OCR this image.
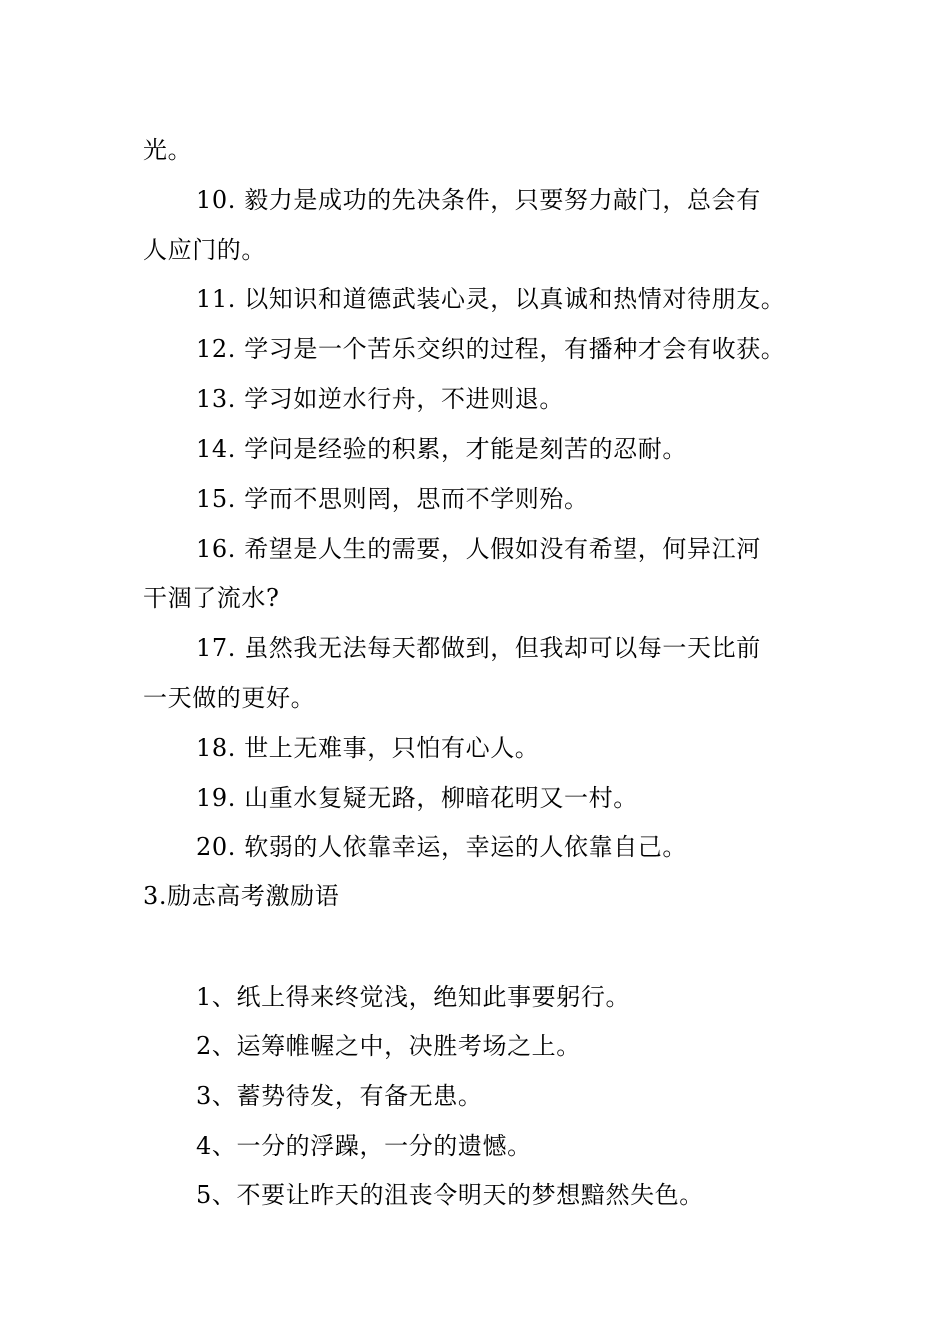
光。
10. 毅力是成功的先决条件，只要努力敲门，总会有
人应门的。
11. 以知识和道德武装心灵，以真诚和热情对待朋友。
12. 学习是一个苦乐交织的过程，有播种才会有收获。
13. 学习如逆水行舟，不进则退。
14. 学问是经验的积累，才能是刻苦的忍耐。
15. 学而不思则罔，思而不学则殆。
16. 希望是人生的需要，人假如没有希望，何异江河
干涸了流水?
17. 虽然我无法每天都做到，但我却可以每一天比前
一天做的更好。
18. 世上无难事，只怕有心人。
19. 山重水复疑无路，柳暗花明又一村。
20. 软弱的人依靠幸运，幸运的人依靠自己。
3.励志高考激励语
1、纸上得来终觉浅，绝知此事要躬行。
2、运筹帷幄之中，决胜考场之上。
3、蓄势待发，有备无患。
4、一分的浮躁，一分的遗憾。
5、不要让昨天的沮丧令明天的梦想黯然失色。
